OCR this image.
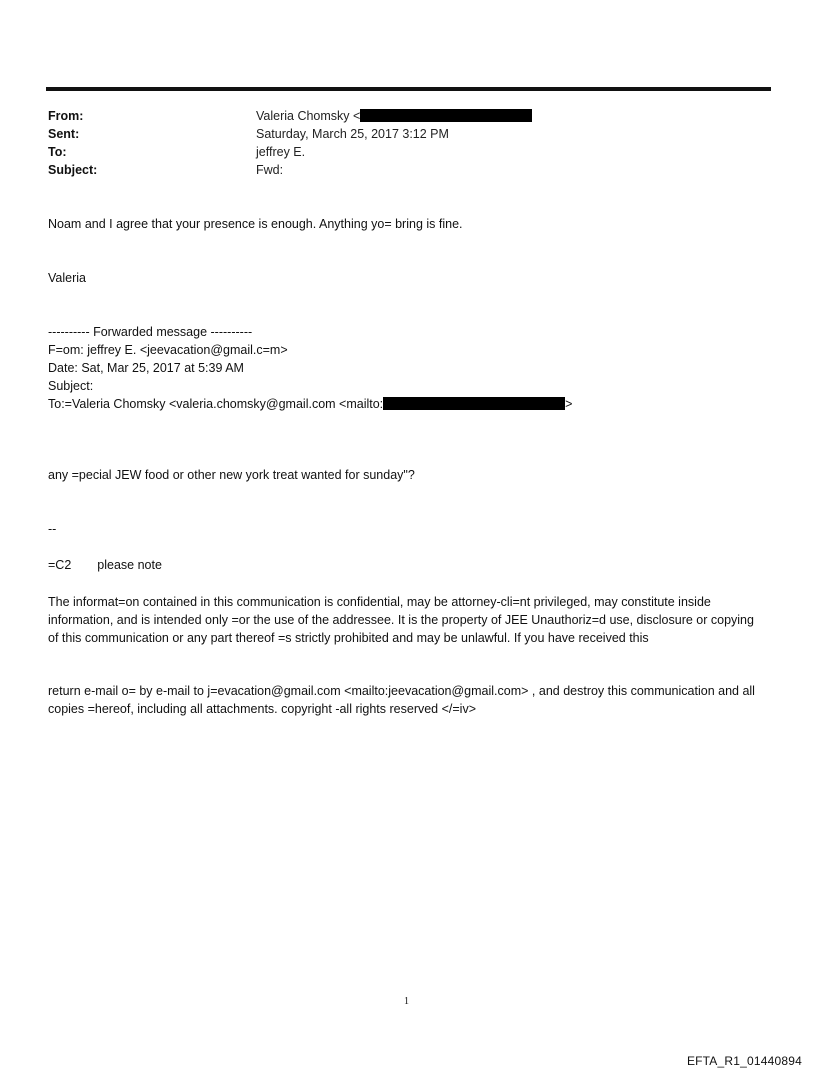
From:	Valeria Chomsky <
Sent:	Saturday, March 25, 2017 3:12 PM
To:	jeffrey E.
Subject:	Fwd:
Noam and I agree that your presence is enough. Anything yo= bring is fine.
Valeria
---------- Forwarded message ----------
F=om: jeffrey E. <jeevacation@gmail.c=m>
Date: Sat, Mar 25, 2017 at 5:39 AM
Subject:
To:=Valeria Chomsky <valeria.chomsky@gmail.com <mailto:	>
any =pecial JEW food or other new york treat wanted for sunday"?
--
=C2 please note
The informat=on contained in this communication is confidential, may be attorney-cli=nt privileged, may constitute inside information, and is intended only =or the use of the addressee. It is the property of JEE Unauthoriz=d use, disclosure or copying of this communication or any part thereof =s strictly prohibited and may be unlawful. If you have received this
return e-mail o= by e-mail to j=evacation@gmail.com <mailto:jeevacation@gmail.com> , and destroy this communication and all copies =hereof, including all attachments. copyright -all rights reserved </=iv>
1
EFTA_R1_01440894
